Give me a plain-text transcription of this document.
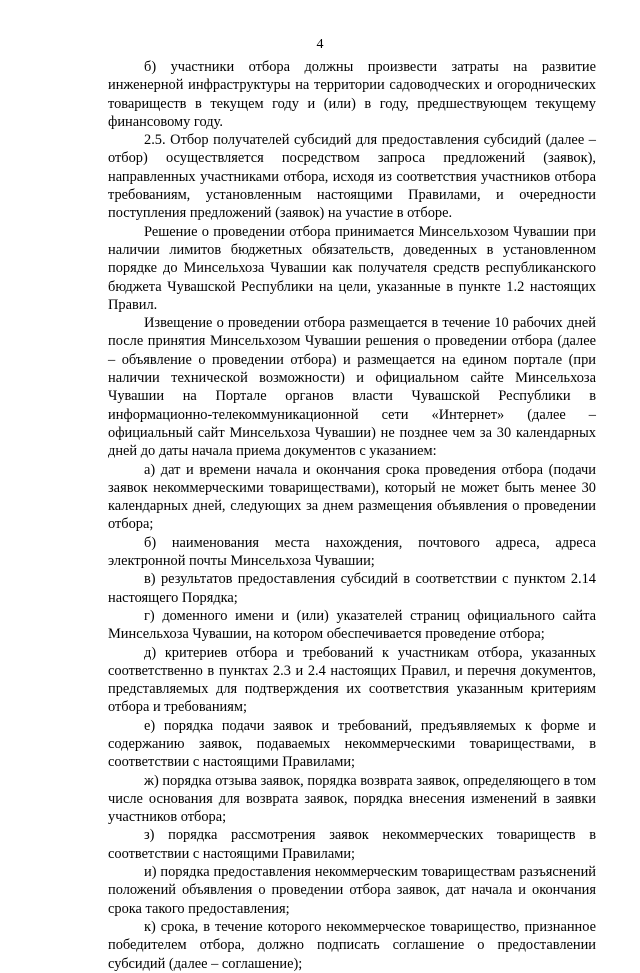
4

б) участники отбора должны произвести затраты на развитие инженерной инфраструктуры на территории садоводческих и огороднических товариществ в текущем году и (или) в году, предшествующем текущему финансовому году.

2.5. Отбор получателей субсидий для предоставления субсидий (далее – отбор) осуществляется посредством запроса предложений (заявок), направленных участниками отбора, исходя из соответствия участников отбора требованиям, установленным настоящими Правилами, и очередности поступления предложений (заявок) на участие в отборе.

Решение о проведении отбора принимается Минсельхозом Чувашии при наличии лимитов бюджетных обязательств, доведенных в установленном порядке до Минсельхоза Чувашии как получателя средств республиканского бюджета Чувашской Республики на цели, указанные в пункте 1.2 настоящих Правил.

Извещение о проведении отбора размещается в течение 10 рабочих дней после принятия Минсельхозом Чувашии решения о проведении отбора (далее – объявление о проведении отбора) и размещается на едином портале (при наличии технической возможности) и официальном сайте Минсельхоза Чувашии на Портале органов власти Чувашской Республики в информационно-телекоммуникационной сети «Интернет» (далее – официальный сайт Минсельхоза Чувашии) не позднее чем за 30 календарных дней до даты начала приема документов с указанием:

а) дат и времени начала и окончания срока проведения отбора (подачи заявок некоммерческими товариществами), который не может быть менее 30 календарных дней, следующих за днем размещения объявления о проведении отбора;

б) наименования места нахождения, почтового адреса, адреса электронной почты Минсельхоза Чувашии;

в) результатов предоставления субсидий в соответствии с пунктом 2.14 настоящего Порядка;

г) доменного имени и (или) указателей страниц официального сайта Минсельхоза Чувашии, на котором обеспечивается проведение отбора;

д) критериев отбора и требований к участникам отбора, указанных соответственно в пунктах 2.3 и 2.4 настоящих Правил, и перечня документов, представляемых для подтверждения их соответствия указанным критериям отбора и требованиям;

е) порядка подачи заявок и требований, предъявляемых к форме и содержанию заявок, подаваемых некоммерческими товариществами, в соответствии с настоящими Правилами;

ж) порядка отзыва заявок, порядка возврата заявок, определяющего в том числе основания для возврата заявок, порядка внесения изменений в заявки участников отбора;

з) порядка рассмотрения заявок некоммерческих товариществ в соответствии с настоящими Правилами;

и) порядка предоставления некоммерческим товариществам разъяснений положений объявления о проведении отбора заявок, дат начала и окончания срока такого предоставления;

к) срока, в течение которого некоммерческое товарищество, признанное победителем отбора, должно подписать соглашение о предоставлении субсидий (далее – соглашение);
